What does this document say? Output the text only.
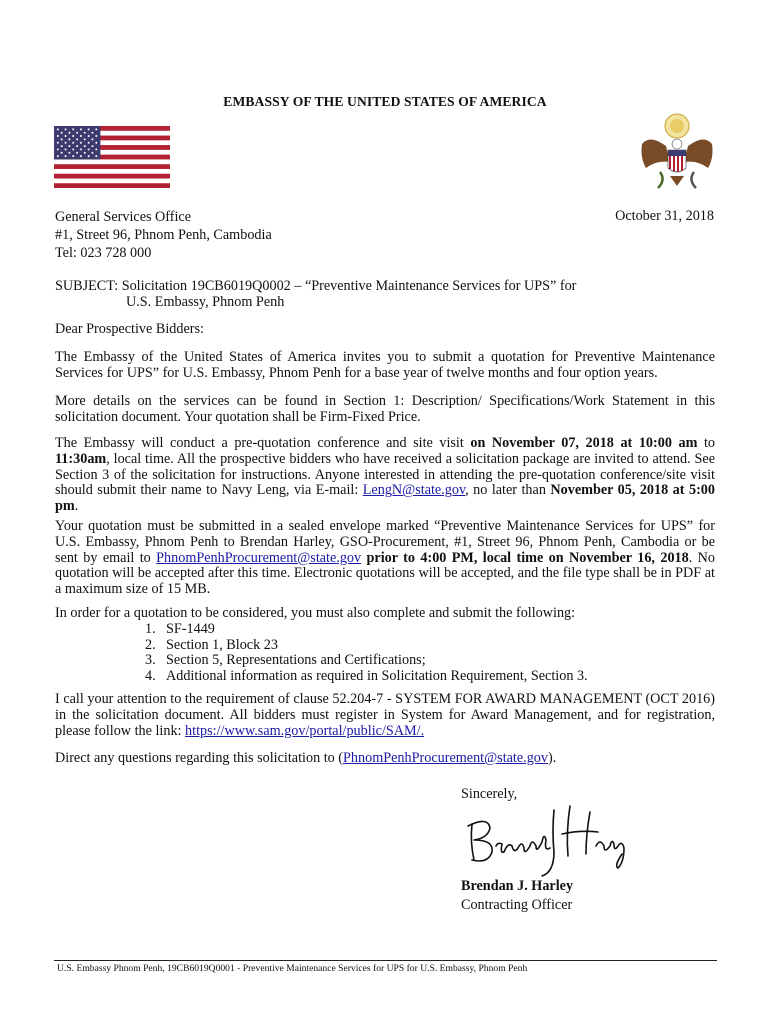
EMBASSY OF THE UNITED STATES OF AMERICA
General Services Office
#1, Street 96, Phnom Penh, Cambodia
Tel: 023 728 000
October 31, 2018
SUBJECT: Solicitation 19CB6019Q0002 – “Preventive Maintenance Services for UPS” for
U.S. Embassy, Phnom Penh
Dear Prospective Bidders:
The Embassy of the United States of America invites you to submit a quotation for Preventive Maintenance Services for UPS” for U.S. Embassy, Phnom Penh for a base year of twelve months and four option years.
More details on the services can be found in Section 1: Description/ Specifications/Work Statement in this solicitation document. Your quotation shall be Firm-Fixed Price.
The Embassy will conduct a pre-quotation conference and site visit on November 07, 2018 at 10:00 am to 11:30am, local time. All the prospective bidders who have received a solicitation package are invited to attend. See Section 3 of the solicitation for instructions. Anyone interested in attending the pre-quotation conference/site visit should submit their name to Navy Leng, via E-mail: LengN@state.gov, no later than November 05, 2018 at 5:00 pm.
Your quotation must be submitted in a sealed envelope marked “Preventive Maintenance Services for UPS” for U.S. Embassy, Phnom Penh to Brendan Harley, GSO-Procurement, #1, Street 96, Phnom Penh, Cambodia or be sent by email to PhnomPenhProcurement@state.gov prior to 4:00 PM, local time on November 16, 2018. No quotation will be accepted after this time. Electronic quotations will be accepted, and the file type shall be in PDF at a maximum size of 15 MB.
In order for a quotation to be considered, you must also complete and submit the following:
1. SF-1449
2. Section 1, Block 23
3. Section 5, Representations and Certifications;
4. Additional information as required in Solicitation Requirement, Section 3.
I call your attention to the requirement of clause 52.204-7 - SYSTEM FOR AWARD MANAGEMENT (OCT 2016) in the solicitation document. All bidders must register in System for Award Management, and for registration, please follow the link: https://www.sam.gov/portal/public/SAM/.
Direct any questions regarding this solicitation to (PhnomPenhProcurement@state.gov).
Sincerely,
Brendan J. Harley
Contracting Officer
U.S. Embassy Phnom Penh, 19CB6019Q0001 - Preventive Maintenance Services for UPS for U.S. Embassy, Phnom Penh
